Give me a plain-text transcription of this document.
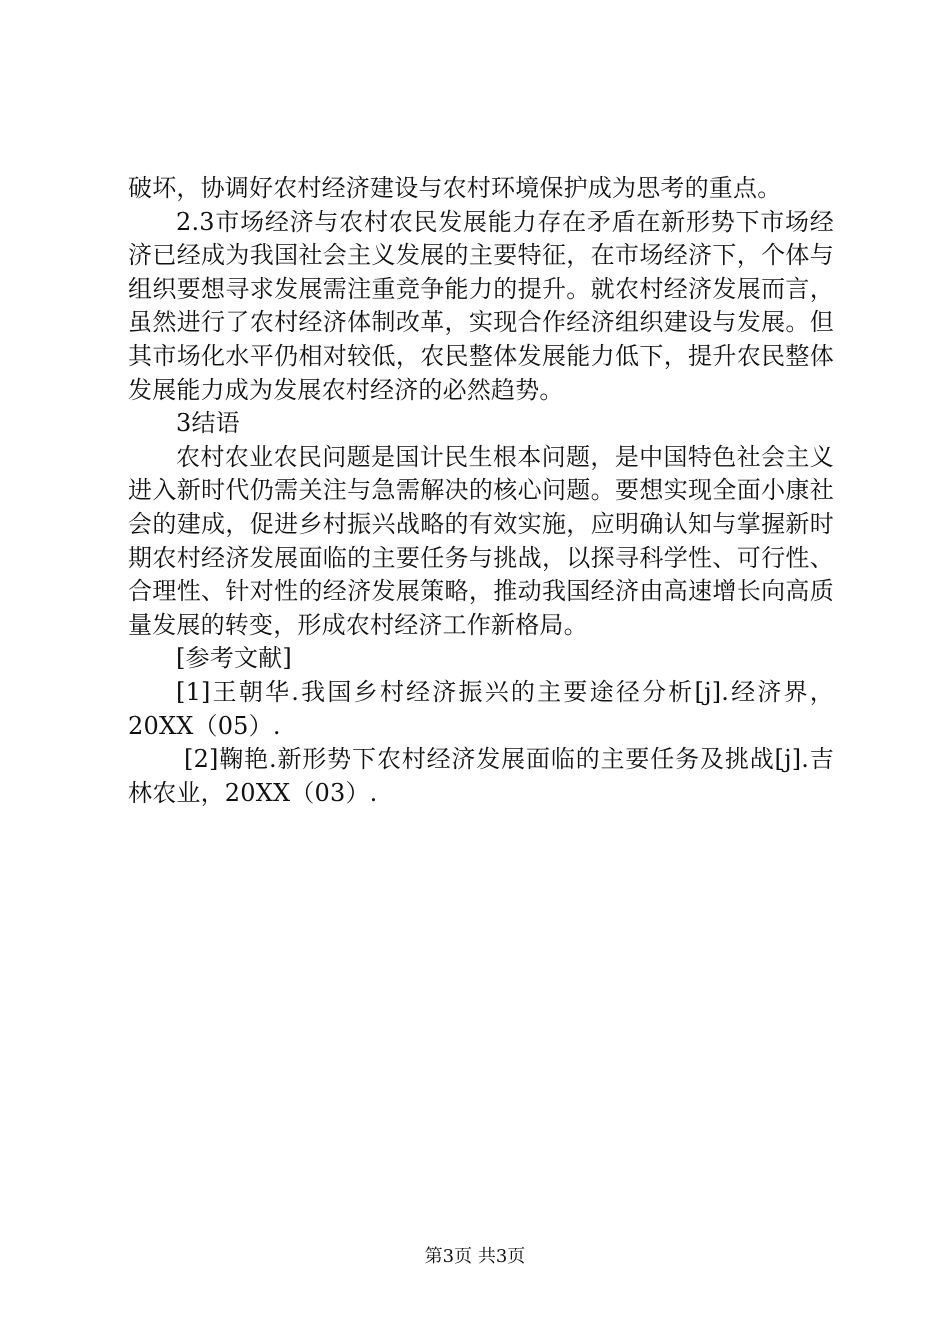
破坏，协调好农村经济建设与农村环境保护成为思考的重点。

2.3市场经济与农村农民发展能力存在矛盾在新形势下市场经济已经成为我国社会主义发展的主要特征，在市场经济下，个体与组织要想寻求发展需注重竞争能力的提升。就农村经济发展而言，虽然进行了农村经济体制改革，实现合作经济组织建设与发展。但其市场化水平仍相对较低，农民整体发展能力低下，提升农民整体发展能力成为发展农村经济的必然趋势。

3结语

农村农业农民问题是国计民生根本问题，是中国特色社会主义进入新时代仍需关注与急需解决的核心问题。要想实现全面小康社会的建成，促进乡村振兴战略的有效实施，应明确认知与掌握新时期农村经济发展面临的主要任务与挑战，以探寻科学性、可行性、合理性、针对性的经济发展策略，推动我国经济由高速增长向高质量发展的转变，形成农村经济工作新格局。

[参考文献]

[1]王朝华.我国乡村经济振兴的主要途径分析[j].经济界，20XX（05）.

[2]鞠艳.新形势下农村经济发展面临的主要任务及挑战[j].吉林农业，20XX（03）.

第3页 共3页
